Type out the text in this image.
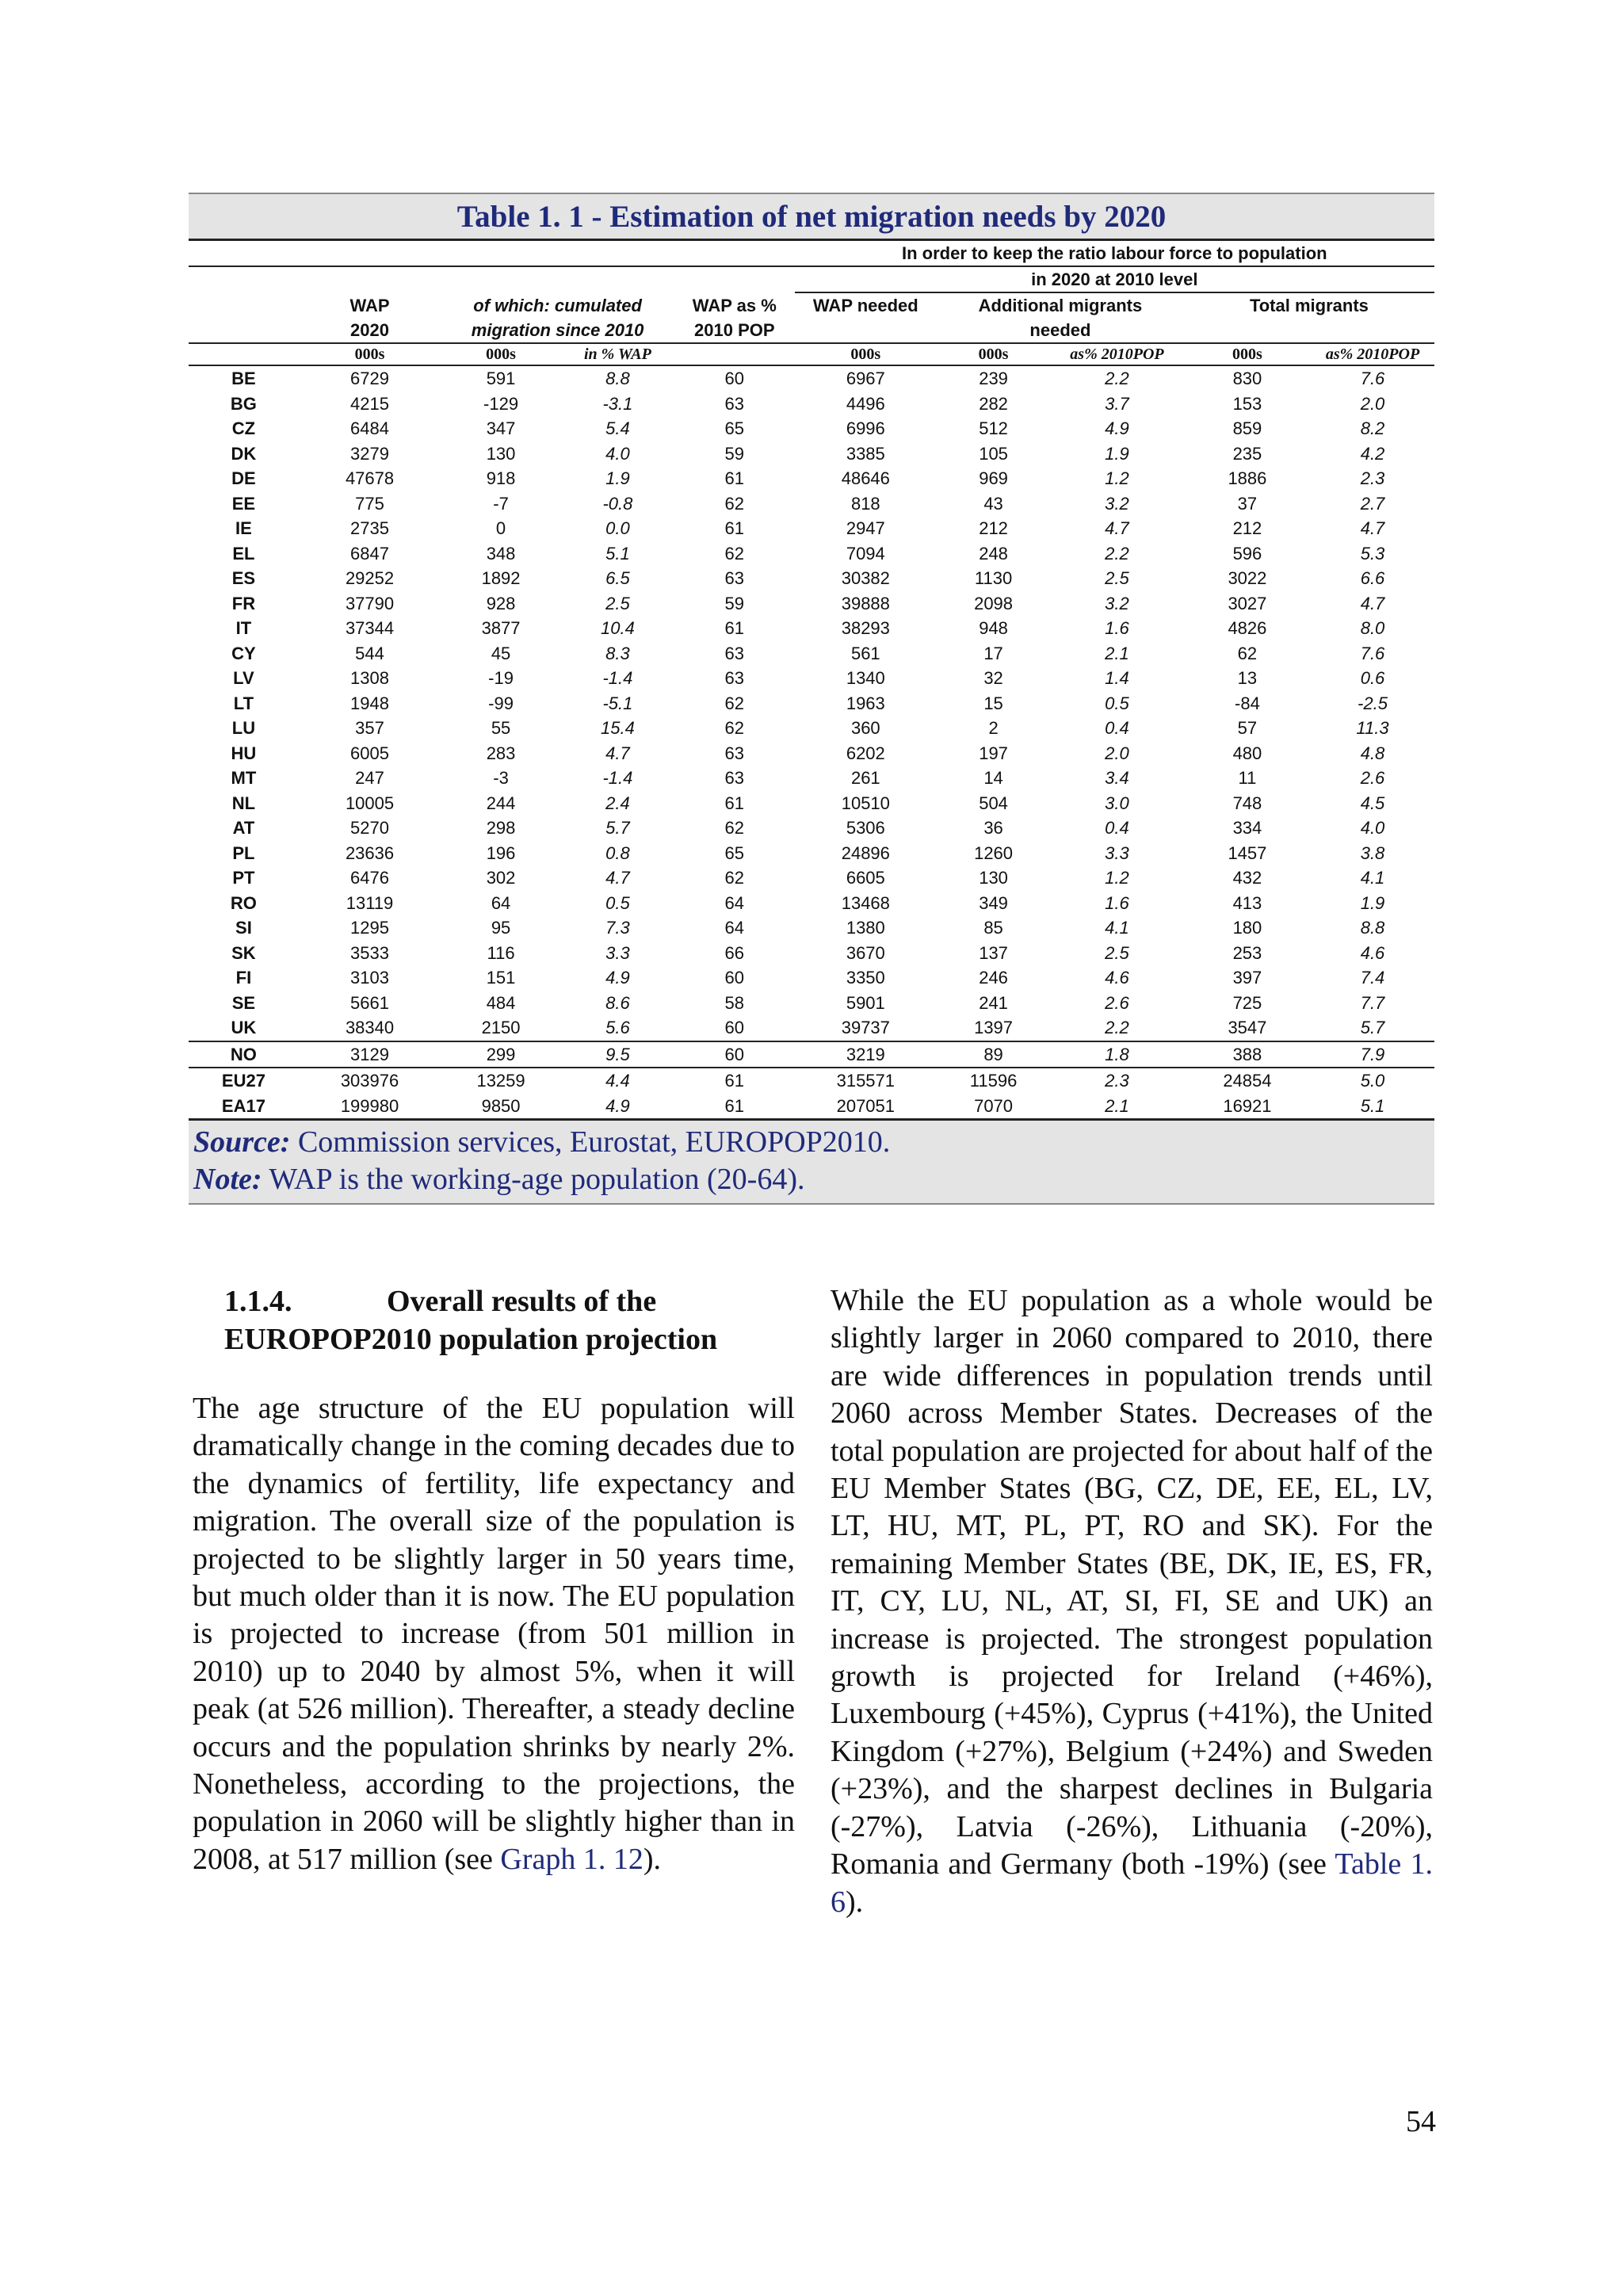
Table 1. 1 - Estimation of net migration needs by 2020
					In order to keep the ratio labour force to population				
					in 2020 at 2010 level				
	WAP	of which: cumulated		WAP as %	WAP needed	Additional migrants		Total migrants	
	2020	migration since 2010		2010 POP		needed			
	000s	000s	in % WAP		000s	000s	as% 2010POP	000s	as% 2010POP
BE	6729	591	8.8	60	6967	239	2.2	830	7.6
BG	4215	-129	-3.1	63	4496	282	3.7	153	2.0
CZ	6484	347	5.4	65	6996	512	4.9	859	8.2
DK	3279	130	4.0	59	3385	105	1.9	235	4.2
DE	47678	918	1.9	61	48646	969	1.2	1886	2.3
EE	775	-7	-0.8	62	818	43	3.2	37	2.7
IE	2735	0	0.0	61	2947	212	4.7	212	4.7
EL	6847	348	5.1	62	7094	248	2.2	596	5.3
ES	29252	1892	6.5	63	30382	1130	2.5	3022	6.6
FR	37790	928	2.5	59	39888	2098	3.2	3027	4.7
IT	37344	3877	10.4	61	38293	948	1.6	4826	8.0
CY	544	45	8.3	63	561	17	2.1	62	7.6
LV	1308	-19	-1.4	63	1340	32	1.4	13	0.6
LT	1948	-99	-5.1	62	1963	15	0.5	-84	-2.5
LU	357	55	15.4	62	360	2	0.4	57	11.3
HU	6005	283	4.7	63	6202	197	2.0	480	4.8
MT	247	-3	-1.4	63	261	14	3.4	11	2.6
NL	10005	244	2.4	61	10510	504	3.0	748	4.5
AT	5270	298	5.7	62	5306	36	0.4	334	4.0
PL	23636	196	0.8	65	24896	1260	3.3	1457	3.8
PT	6476	302	4.7	62	6605	130	1.2	432	4.1
RO	13119	64	0.5	64	13468	349	1.6	413	1.9
SI	1295	95	7.3	64	1380	85	4.1	180	8.8
SK	3533	116	3.3	66	3670	137	2.5	253	4.6
FI	3103	151	4.9	60	3350	246	4.6	397	7.4
SE	5661	484	8.6	58	5901	241	2.6	725	7.7
UK	38340	2150	5.6	60	39737	1397	2.2	3547	5.7
NO	3129	299	9.5	60	3219	89	1.8	388	7.9
EU27	303976	13259	4.4	61	315571	11596	2.3	24854	5.0
EA17	199980	9850	4.9	61	207051	7070	2.1	16921	5.1
Source: Commission services, Eurostat, EUROPOP2010.
Note: WAP is the working-age population (20-64).
1.1.4.	Overall results of the
EUROPOP2010 population projection

The age structure of the EU population will dramatically change in the coming decades due to the dynamics of fertility, life expectancy and migration. The overall size of the population is projected to be slightly larger in 50 years time, but much older than it is now. The EU population is projected to increase (from 501 million in 2010) up to 2040 by almost 5%, when it will peak (at 526 million). Thereafter, a steady decline occurs and the population shrinks by nearly 2%. Nonetheless, according to the projections, the population in 2060 will be slightly higher than in 2008, at 517 million (see Graph 1. 12).

While the EU population as a whole would be slightly larger in 2060 compared to 2010, there are wide differences in population trends until 2060 across Member States. Decreases of the total population are projected for about half of the EU Member States (BG, CZ, DE, EE, EL, LV, LT, HU, MT, PL, PT, RO and SK). For the remaining Member States (BE, DK, IE, ES, FR, IT, CY, LU, NL, AT, SI, FI, SE and UK) an increase is projected. The strongest population growth is projected for Ireland (+46%), Luxembourg (+45%), Cyprus (+41%), the United Kingdom (+27%), Belgium (+24%) and Sweden (+23%), and the sharpest declines in Bulgaria (-27%), Latvia (-26%), Lithuania (-20%), Romania and Germany (both -19%) (see Table 1. 6).

54
